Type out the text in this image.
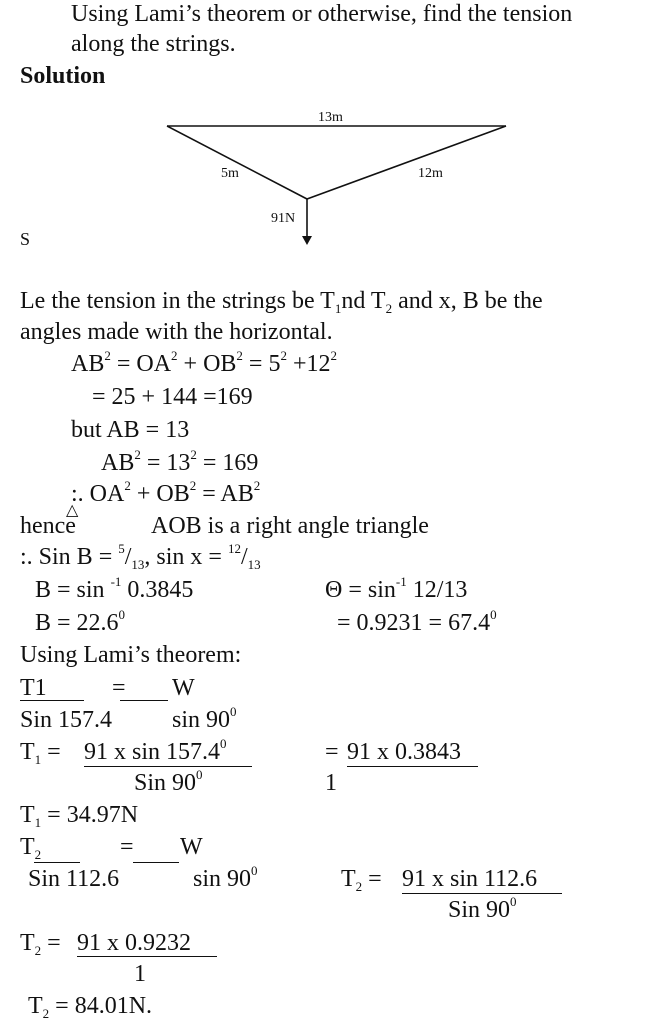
Using Lami’s theorem or otherwise, find the tension
along the strings.
Solution
13m
5m	12m
91N
S
Le the tension in the strings be $T_1nd$ $T_2$ and x, B be the
angles made with the horizontal.
$AB^2 = OA^2 + OB^2 = 5^2 +12^2$
= 25 + 144 =169
but AB = 13
$AB^2 = 13^2 = 169$
:. $OA^2 + OB^2 = AB^2$
hence
△
AOB is a right angle triangle
:. Sin $B = ^5/_{13}$, $\sin x = ^{12}/_{13}$
B = sin $^{-1}$ 0.3845	$\Theta = \sin^{-1} 12/13$
$B = 22.6^0$	= $0.9231 = 67.4^0$
Using Lami’s theorem:
T1	= W
Sin 157.4 $\sin 90^0$
$T_1 = 91$ x sin 157.4$^0$
Sin $90^0$
= 91 x 0.3843
1
$T_1 = 34.97N$
$T_2$	= W
Sin 112.6	$\sin 90^0$	$T_2 = 91$ x sin 112.6
Sin $90^0$
$T_2 = 91$ x 0.9232
1
$T_2 = 84.01N$.
